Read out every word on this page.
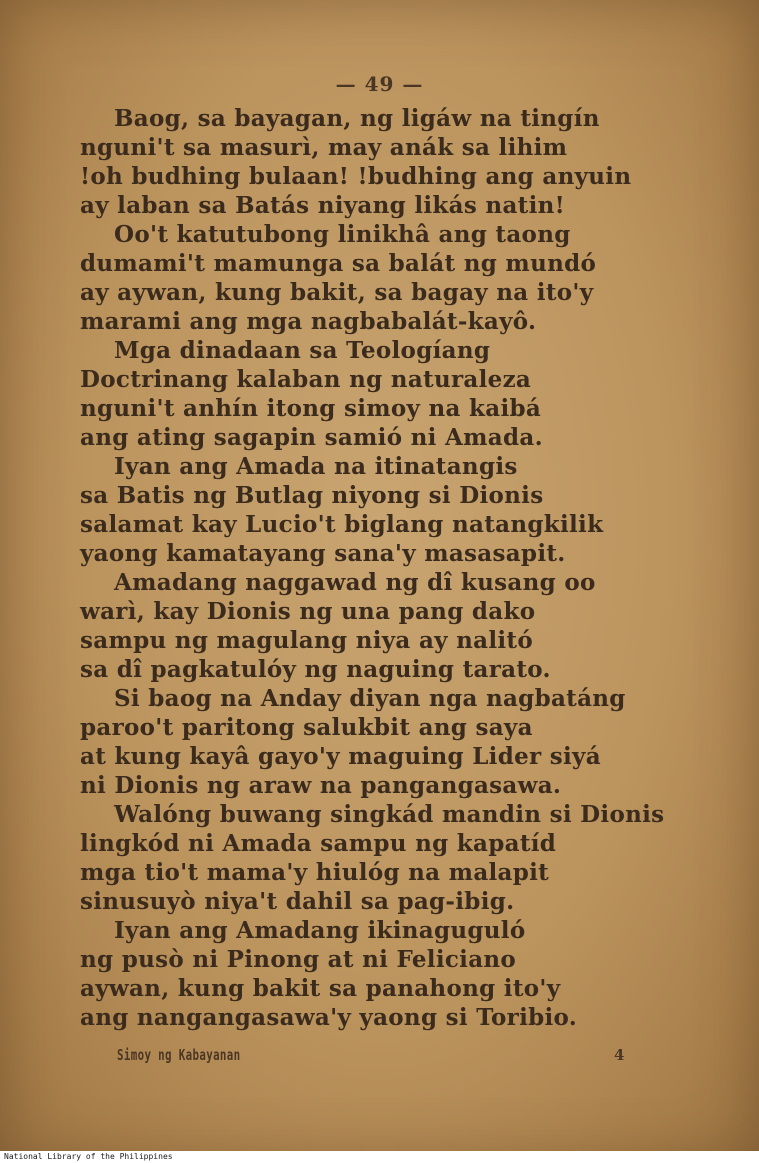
— 49 —
Baog, sa bayagan, ng ligáw na tingín
nguni't sa masurì, may anák sa lihim
!oh budhing bulaan! !budhing ang anyuin
ay laban sa Batás niyang likás natin!
Oo't katutubong linikhâ ang taong
dumami't mamunga sa balát ng mundó
ay aywan, kung bakit, sa bagay na ito'y
marami ang mga nagbabalát-kayô.
Mga dinadaan sa Teologíang
Doctrinang kalaban ng naturaleza
nguni't anhín itong simoy na kaibá
ang ating sagapin samió ni Amada.
Iyan ang Amada na itinatangis
sa Batis ng Butlag niyong si Dionis
salamat kay Lucio't biglang natangkilik
yaong kamatayang sana'y masasapit.
Amadang naggawad ng dî kusang oo
warì, kay Dionis ng una pang dako
sampu ng magulang niya ay nalitó
sa dî pagkatulóy ng naguing tarato.
Si baog na Anday diyan nga nagbatáng
paroo't paritong salukbit ang saya
at kung kayâ gayo'y maguing Lider siyá
ni Dionis ng araw na pangangasawa.
Walóng buwang singkád mandin si Dionis
lingkód ni Amada sampu ng kapatíd
mga tio't mama'y hiulóg na malapit
sinusuyò niya't dahil sa pag-ibig.
Iyan ang Amadang ikinaguguló
ng pusò ni Pinong at ni Feliciano
aywan, kung bakit sa panahong ito'y
ang nangangasawa'y yaong si Toribio.
Simoy ng Kabayanan	4
National Library of the Philippines
